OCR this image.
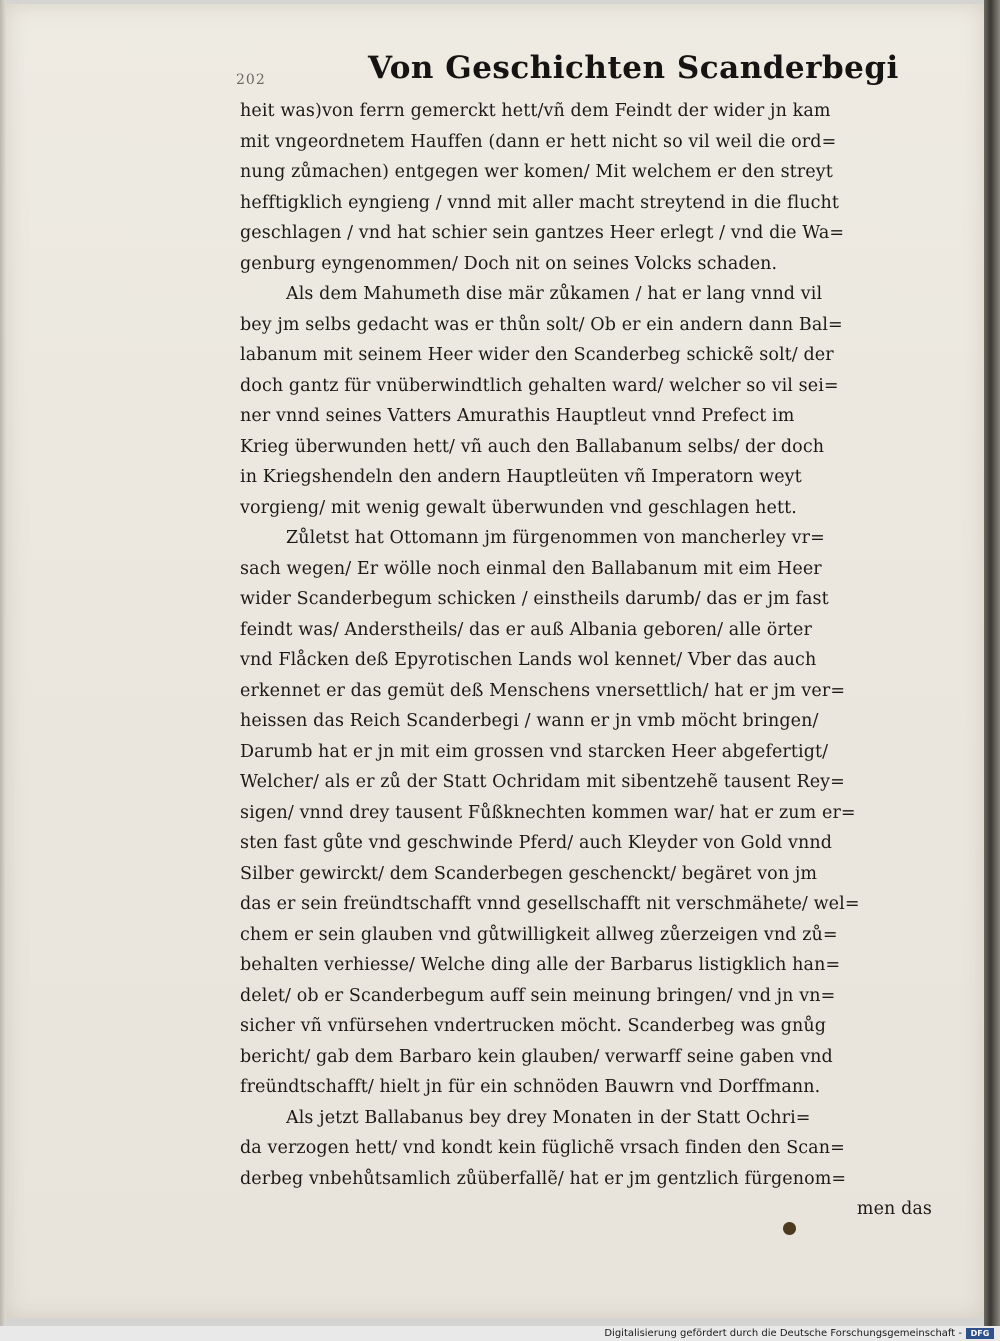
202	Von Geschichten Scanderbegi
heit was)von ferrn gemerckt hett/vñ dem Feindt der wider jn kam
mit vngeordnetem Hauffen (dann er hett nicht so vil weil die ord=
nung zůmachen) entgegen wer komen/ Mit welchem er den streyt
hefftigklich eyngieng / vnnd mit aller macht streytend in die flucht
geschlagen / vnd hat schier sein gantzes Heer erlegt / vnd die Wa=
genburg eyngenommen/ Doch nit on seines Volcks schaden.
Als dem Mahumeth dise mär zůkamen / hat er lang vnnd vil
bey jm selbs gedacht was er thůn solt/ Ob er ein andern dann Bal=
labanum mit seinem Heer wider den Scanderbeg schickẽ solt/ der
doch gantz für vnüberwindtlich gehalten ward/ welcher so vil sei=
ner vnnd seines Vatters Amurathis Hauptleut vnnd Prefect im
Krieg überwunden hett/ vñ auch den Ballabanum selbs/ der doch
in Kriegshendeln den andern Hauptleüten vñ Imperatorn weyt
vorgieng/ mit wenig gewalt überwunden vnd geschlagen hett.
Zůletst hat Ottomann jm fürgenommen von mancherley vr=
sach wegen/ Er wölle noch einmal den Ballabanum mit eim Heer
wider Scanderbegum schicken / einstheils darumb/ das er jm fast
feindt was/ Anderstheils/ das er auß Albania geboren/ alle örter
vnd Flåcken deß Epyrotischen Lands wol kennet/ Vber das auch
erkennet er das gemüt deß Menschens vnersettlich/ hat er jm ver=
heissen das Reich Scanderbegi / wann er jn vmb möcht bringen/
Darumb hat er jn mit eim grossen vnd starcken Heer abgefertigt/
Welcher/ als er zů der Statt Ochridam mit sibentzehẽ tausent Rey=
sigen/ vnnd drey tausent Fůßknechten kommen war/ hat er zum er=
sten fast gůte vnd geschwinde Pferd/ auch Kleyder von Gold vnnd
Silber gewirckt/ dem Scanderbegen geschenckt/ begäret von jm
das er sein freündtschafft vnnd gesellschafft nit verschmähete/ wel=
chem er sein glauben vnd gůtwilligkeit allweg zůerzeigen vnd zů=
behalten verhiesse/ Welche ding alle der Barbarus listigklich han=
delet/ ob er Scanderbegum auff sein meinung bringen/ vnd jn vn=
sicher vñ vnfürsehen vndertrucken möcht. Scanderbeg was gnůg
bericht/ gab dem Barbaro kein glauben/ verwarff seine gaben vnd
freündtschafft/ hielt jn für ein schnöden Bauwrn vnd Dorffmann.
Als jetzt Ballabanus bey drey Monaten in der Statt Ochri=
da verzogen hett/ vnd kondt kein füglichẽ vrsach finden den Scan=
derbeg vnbehůtsamlich zůüberfallẽ/ hat er jm gentzlich fürgenom=
men das
Digitalisierung gefördert durch die Deutsche Forschungsgemeinschaft -	DFG
